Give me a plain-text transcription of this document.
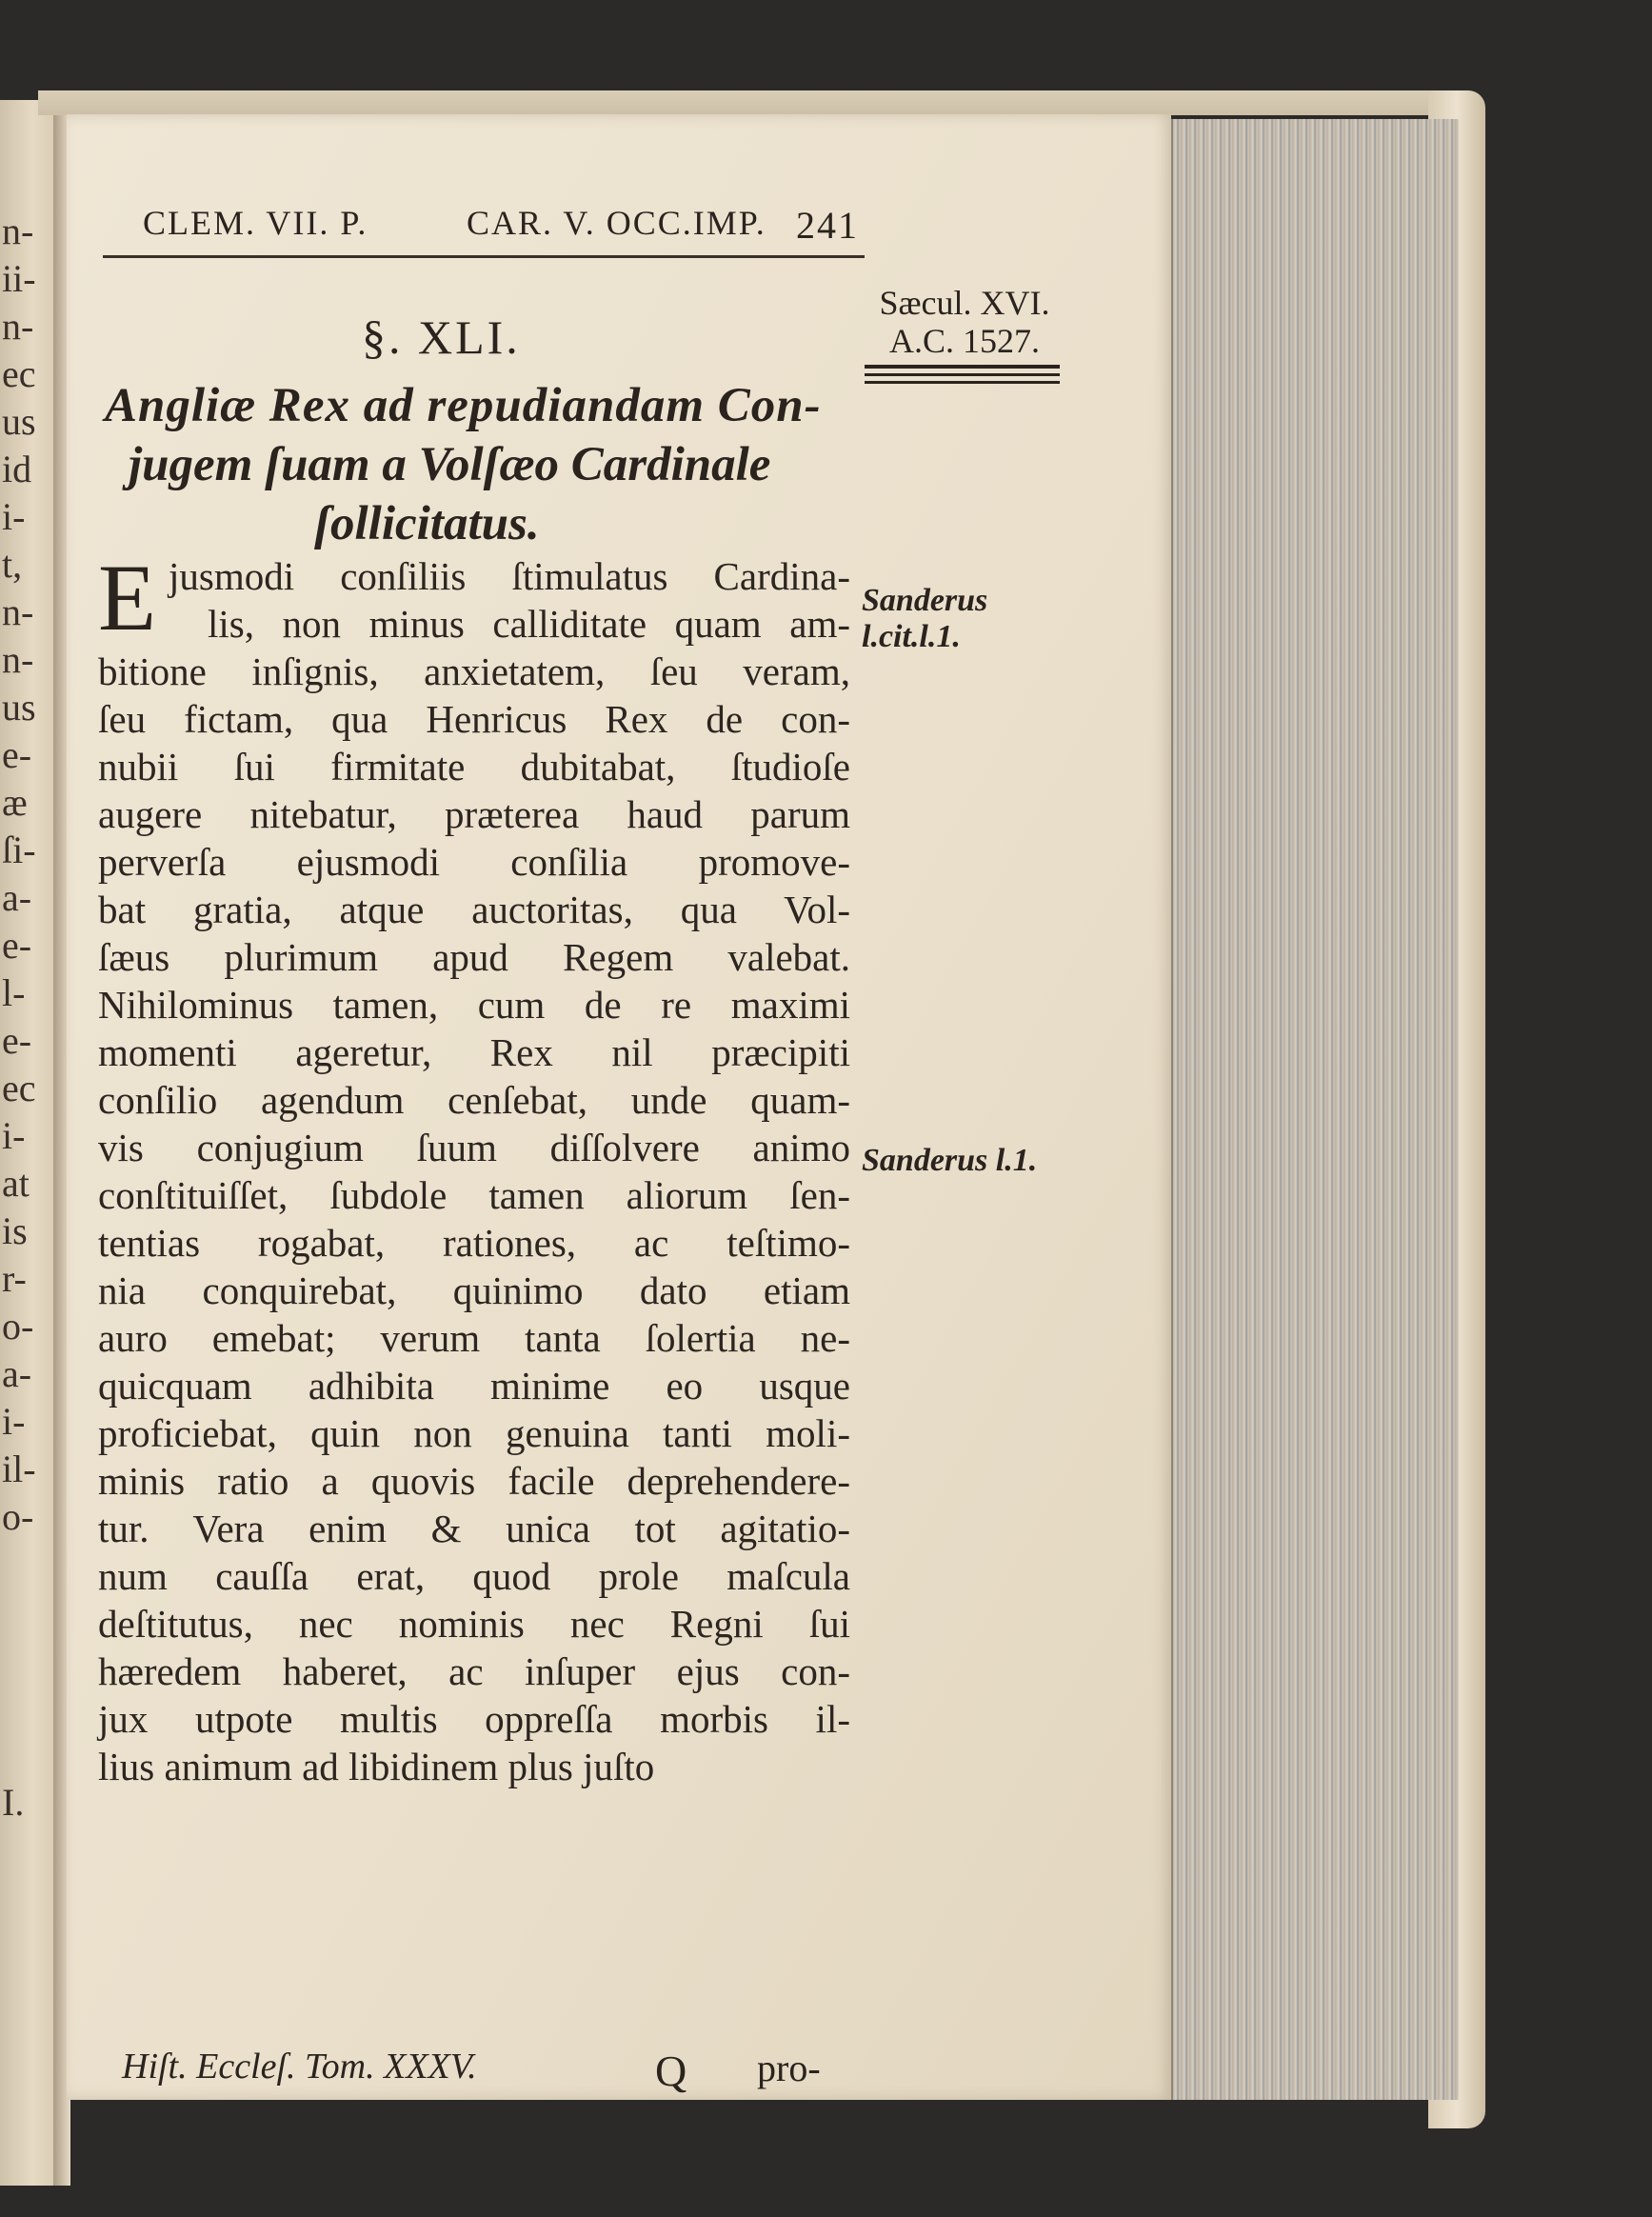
n-
ii-
n-
ec
us
id
i-
t,
n-
n-
us
e-
æ
ſi-
a-
e-
l-
e-
ec
i-
at
is
r-
o-
a-
i-
il-
o-
I.
CLEM. VII. P.	CAR. V. OCC.IMP. 241
Sæcul. XVI.
A.C. 1527.
§. XLI.
Angliæ Rex ad repudiandam Con-
jugem ſuam a Volſæo Cardinale
ſollicitatus.
E jusmodi conſiliis ſtimulatus Cardina-
lis, non minus calliditate quam am-
bitione inſignis, anxietatem, ſeu veram,
ſeu fictam, qua Henricus Rex de con-
nubii ſui firmitate dubitabat, ſtudioſe
augere nitebatur, præterea haud parum
perverſa ejusmodi conſilia promove-
bat gratia, atque auctoritas, qua Vol-
ſæus plurimum apud Regem valebat.
Nihilominus tamen, cum de re maximi
momenti ageretur, Rex nil præcipiti
conſilio agendum cenſebat, unde quam-
vis conjugium ſuum diſſolvere animo
conſtituiſſet, ſubdole tamen aliorum ſen-
tentias rogabat, rationes, ac teſtimo-
nia conquirebat, quinimo dato etiam
auro emebat; verum tanta ſolertia ne-
quicquam adhibita minime eo usque
proficiebat, quin non genuina tanti moli-
minis ratio a quovis facile deprehendere-
tur. Vera enim & unica tot agitatio-
num cauſſa erat, quod prole maſcula
deſtitutus, nec nominis nec Regni ſui
hæredem haberet, ac inſuper ejus con-
jux utpote multis oppreſſa morbis il-
lius animum ad libidinem plus juſto
Sanderus
l.cit.l.1.
Sanderus l.1.
Hiſt. Eccleſ. Tom. XXXV.	Q pro-
